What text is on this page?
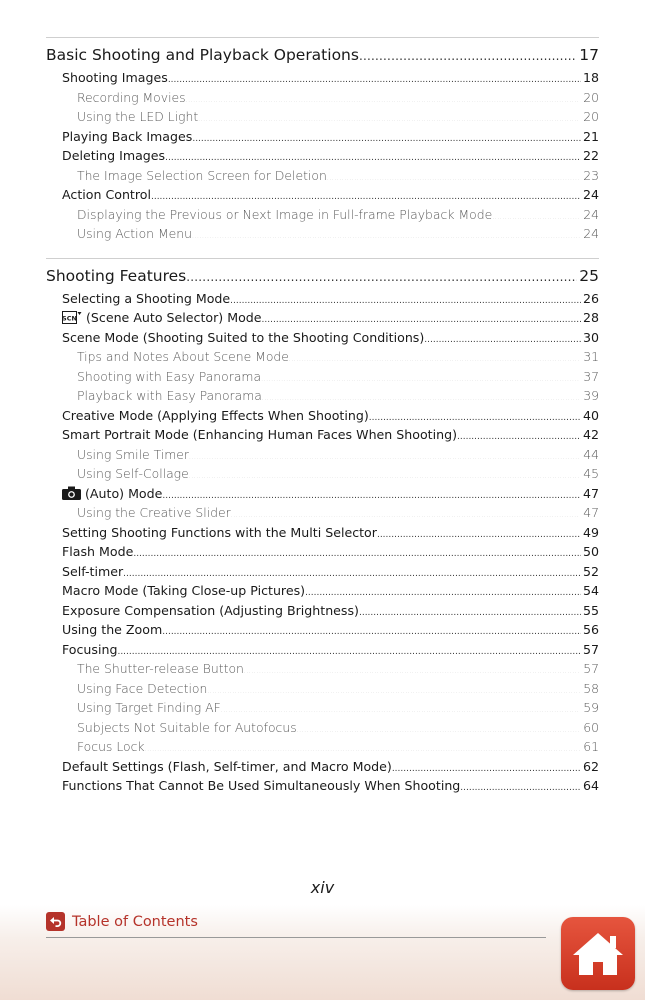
Basic Shooting and Playback Operations .....	17
Shooting Images .....	18
Recording Movies .....	20
Using the LED Light .....	20
Playing Back Images .....	21
Deleting Images .....	22
The Image Selection Screen for Deletion .....	23
Action Control .....	24
Displaying the Previous or Next Image in Full-frame Playback Mode .....	24
Using Action Menu .....	24
Shooting Features .....	25
Selecting a Shooting Mode .....	26
SCN (Scene Auto Selector) Mode .....	28
Scene Mode (Shooting Suited to the Shooting Conditions) .....	30
Tips and Notes About Scene Mode .....	31
Shooting with Easy Panorama .....	37
Playback with Easy Panorama .....	39
Creative Mode (Applying Effects When Shooting) .....	40
Smart Portrait Mode (Enhancing Human Faces When Shooting) .....	42
Using Smile Timer .....	44
Using Self-Collage .....	45
(Auto) Mode .....	47
Using the Creative Slider .....	47
Setting Shooting Functions with the Multi Selector .....	49
Flash Mode .....	50
Self-timer .....	52
Macro Mode (Taking Close-up Pictures) .....	54
Exposure Compensation (Adjusting Brightness) .....	55
Using the Zoom .....	56
Focusing .....	57
The Shutter-release Button .....	57
Using Face Detection .....	58
Using Target Finding AF .....	59
Subjects Not Suitable for Autofocus .....	60
Focus Lock .....	61
Default Settings (Flash, Self-timer, and Macro Mode) .....	62
Functions That Cannot Be Used Simultaneously When Shooting .....	64
xiv
Table of Contents
